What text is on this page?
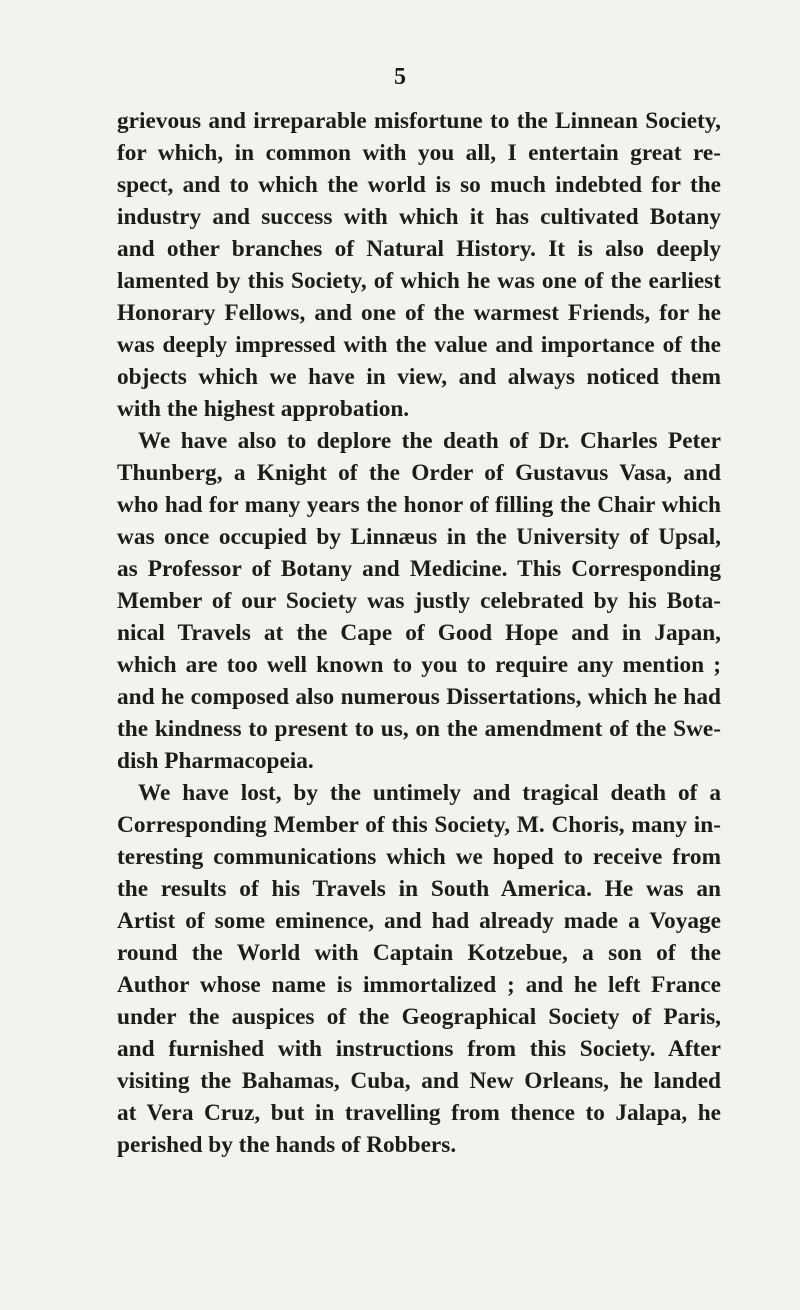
5
grievous and irreparable misfortune to the Linnean Society,
for which, in common with you all, I entertain great re-
spect, and to which the world is so much indebted for the
industry and success with which it has cultivated Botany
and other branches of Natural History. It is also deeply
lamented by this Society, of which he was one of the earliest
Honorary Fellows, and one of the warmest Friends, for he
was deeply impressed with the value and importance of the
objects which we have in view, and always noticed them
with the highest approbation.
We have also to deplore the death of Dr. Charles Peter
Thunberg, a Knight of the Order of Gustavus Vasa, and
who had for many years the honor of filling the Chair which
was once occupied by Linnæus in the University of Upsal,
as Professor of Botany and Medicine. This Corresponding
Member of our Society was justly celebrated by his Bota-
nical Travels at the Cape of Good Hope and in Japan,
which are too well known to you to require any mention ;
and he composed also numerous Dissertations, which he had
the kindness to present to us, on the amendment of the Swe-
dish Pharmacopeia.
We have lost, by the untimely and tragical death of a
Corresponding Member of this Society, M. Choris, many in-
teresting communications which we hoped to receive from
the results of his Travels in South America. He was an
Artist of some eminence, and had already made a Voyage
round the World with Captain Kotzebue, a son of the
Author whose name is immortalized ; and he left France
under the auspices of the Geographical Society of Paris,
and furnished with instructions from this Society. After
visiting the Bahamas, Cuba, and New Orleans, he landed
at Vera Cruz, but in travelling from thence to Jalapa, he
perished by the hands of Robbers.
